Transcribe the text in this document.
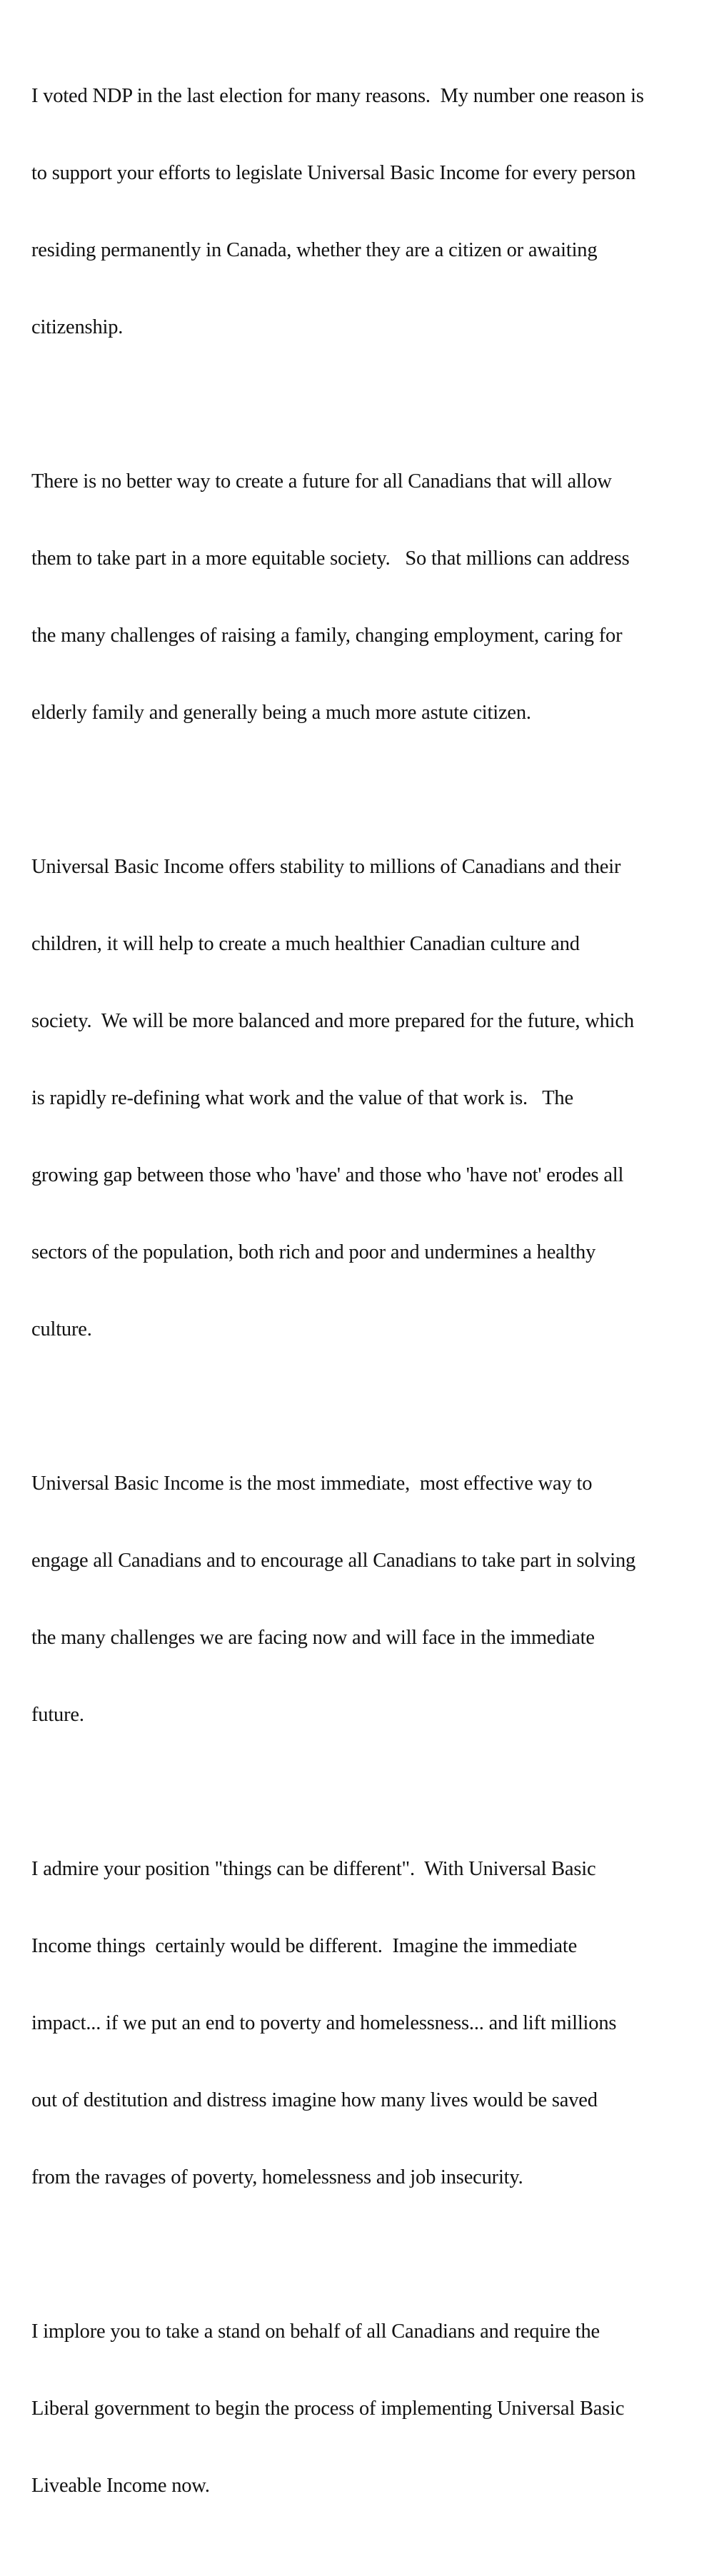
I voted NDP in the last election for many reasons.  My number one reason is

to support your efforts to legislate Universal Basic Income for every person

residing permanently in Canada, whether they are a citizen or awaiting

citizenship.

There is no better way to create a future for all Canadians that will allow

them to take part in a more equitable society.   So that millions can address

the many challenges of raising a family, changing employment, caring for

elderly family and generally being a much more astute citizen.

Universal Basic Income offers stability to millions of Canadians and their

children, it will help to create a much healthier Canadian culture and

society.  We will be more balanced and more prepared for the future, which

is rapidly re-defining what work and the value of that work is.   The

growing gap between those who 'have' and those who 'have not' erodes all

sectors of the population, both rich and poor and undermines a healthy

culture.

Universal Basic Income is the most immediate,  most effective way to

engage all Canadians and to encourage all Canadians to take part in solving

the many challenges we are facing now and will face in the immediate

future.

I admire your position "things can be different".  With Universal Basic

Income things  certainly would be different.  Imagine the immediate

impact... if we put an end to poverty and homelessness... and lift millions

out of destitution and distress imagine how many lives would be saved

from the ravages of poverty, homelessness and job insecurity.

I implore you to take a stand on behalf of all Canadians and require the

Liberal government to begin the process of implementing Universal Basic

Liveable Income now.
